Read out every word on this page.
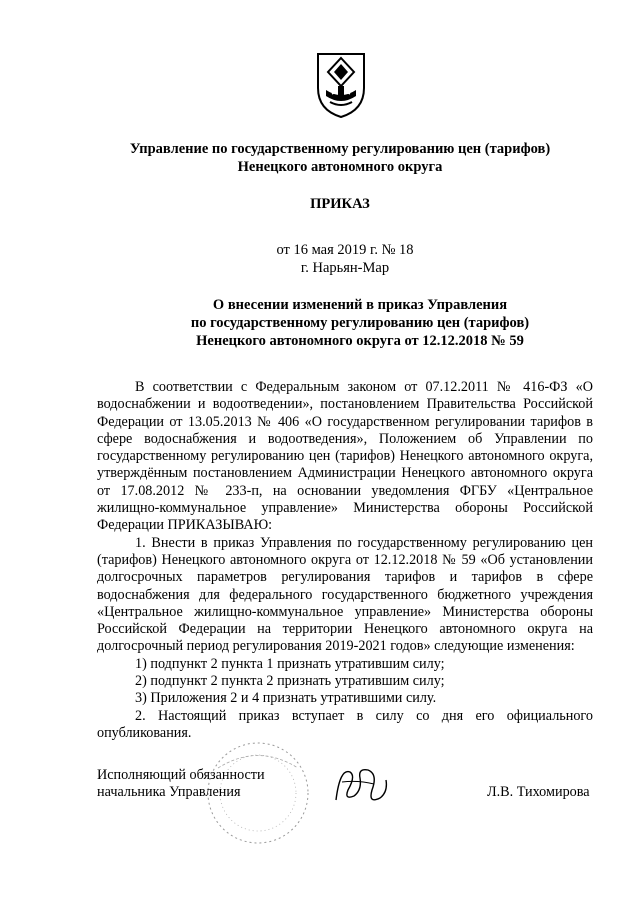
Управление по государственному регулированию цен (тарифов)
Ненецкого автономного округа
ПРИКАЗ
от 16 мая 2019 г. № 18
г. Нарьян-Мар
О внесении изменений в приказ Управления
по государственному регулированию цен (тарифов)
Ненецкого автономного округа от 12.12.2018 № 59

В соответствии с Федеральным законом от 07.12.2011 № 416-ФЗ «О водоснабжении и водоотведении», постановлением Правительства Российской Федерации от 13.05.2013 № 406 «О государственном регулировании тарифов в сфере водоснабжения и водоотведения», Положением об Управлении по государственному регулированию цен (тарифов) Ненецкого автономного округа, утверждённым постановлением Администрации Ненецкого автономного округа от 17.08.2012 № 233-п, на основании уведомления ФГБУ «Центральное жилищно-коммунальное управление» Министерства обороны Российской Федерации ПРИКАЗЫВАЮ:

1. Внести в приказ Управления по государственному регулированию цен (тарифов) Ненецкого автономного округа от 12.12.2018 № 59 «Об установлении долгосрочных параметров регулирования тарифов и тарифов в сфере водоснабжения для федерального государственного бюджетного учреждения «Центральное жилищно-коммунальное управление» Министерства обороны Российской Федерации на территории Ненецкого автономного округа на долгосрочный период регулирования 2019-2021 годов» следующие изменения:

1) подпункт 2 пункта 1 признать утратившим силу;

2) подпункт 2 пункта 2 признать утратившим силу;

3) Приложения 2 и 4 признать утратившими силу.

2. Настоящий приказ вступает в силу со дня его официального опубликования.

Исполняющий обязанности
начальника Управления	Л.В. Тихомирова
